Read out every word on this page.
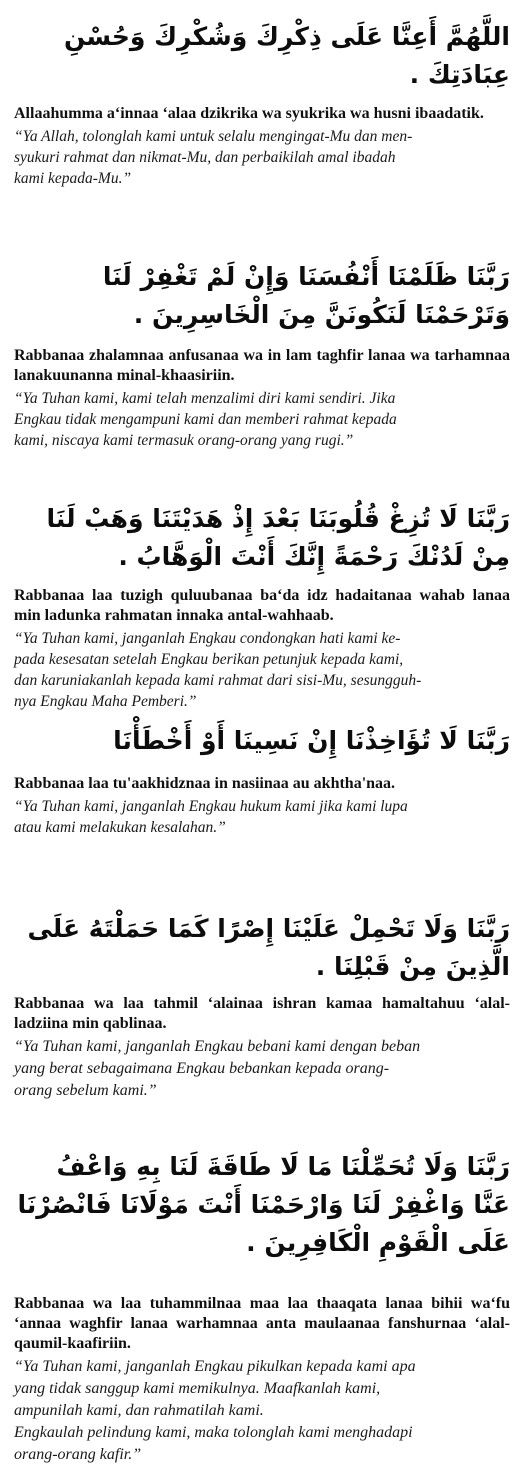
اللَّهُمَّ أَعِنَّا عَلَى ذِكْرِكَ وَشُكْرِكَ وَحُسْنِ عِبَادَتِكَ .

Allaahumma a‘innaa ‘alaa dzikrika wa syukrika wa husni ibaadatik.

“Ya Allah, tolonglah kami untuk selalu mengingat-Mu dan men-
syukuri rahmat dan nikmat-Mu, dan perbaikilah amal ibadah
kami kepada-Mu.”

رَبَّنَا ظَلَمْنَا أَنْفُسَنَا وَإِنْ لَمْ تَغْفِرْ لَنَا وَتَرْحَمْنَا لَنَكُونَنَّ مِنَ الْخَاسِرِينَ .

Rabbanaa zhalamnaa anfusanaa wa in lam taghfir lanaa wa tarhamnaa lanakuunanna minal-khaasiriin.

“Ya Tuhan kami, kami telah menzalimi diri kami sendiri. Jika
Engkau tidak mengampuni kami dan memberi rahmat kepada
kami, niscaya kami termasuk orang-orang yang rugi.”

رَبَّنَا لَا تُزِغْ قُلُوبَنَا بَعْدَ إِذْ هَدَيْتَنَا وَهَبْ لَنَا مِنْ لَدُنْكَ رَحْمَةً إِنَّكَ أَنْتَ الْوَهَّابُ .

Rabbanaa laa tuzigh quluubanaa ba‘da idz hadaitanaa wahab lanaa min ladunka rahmatan innaka antal-wahhaab.

“Ya Tuhan kami, janganlah Engkau condongkan hati kami ke-
pada kesesatan setelah Engkau berikan petunjuk kepada kami,
dan karuniakanlah kepada kami rahmat dari sisi-Mu, sesungguh-
nya Engkau Maha Pemberi.”

رَبَّنَا لَا تُؤَاخِذْنَا إِنْ نَسِينَا أَوْ أَخْطَأْنَا

Rabbanaa laa tu'aakhidznaa in nasiinaa au akhtha'naa.

“Ya Tuhan kami, janganlah Engkau hukum kami jika kami lupa
atau kami melakukan kesalahan.”

رَبَّنَا وَلَا تَحْمِلْ عَلَيْنَا إِصْرًا كَمَا حَمَلْتَهُ عَلَى الَّذِينَ مِنْ قَبْلِنَا .

Rabbanaa wa laa tahmil ‘alainaa ishran kamaa hamaltahuu ‘alal-ladziina min qablinaa.

“Ya Tuhan kami, janganlah Engkau bebani kami dengan beban
yang berat sebagaimana Engkau bebankan kepada orang-
orang sebelum kami.”

رَبَّنَا وَلَا تُحَمِّلْنَا مَا لَا طَاقَةَ لَنَا بِهِ وَاعْفُ عَنَّا وَاغْفِرْ لَنَا وَارْحَمْنَا أَنْتَ مَوْلَانَا فَانْصُرْنَا عَلَى الْقَوْمِ الْكَافِرِينَ .

Rabbanaa wa laa tuhammilnaa maa laa thaaqata lanaa bihii wa‘fu ‘annaa waghfir lanaa warhamnaa anta maulaanaa fanshurnaa ‘alal-qaumil-kaafiriin.

“Ya Tuhan kami, janganlah Engkau pikulkan kepada kami apa
yang tidak sanggup kami memikulnya. Maafkanlah kami,
ampunilah kami, dan rahmatilah kami.
Engkaulah pelindung kami, maka tolonglah kami menghadapi
orang-orang kafir.”
